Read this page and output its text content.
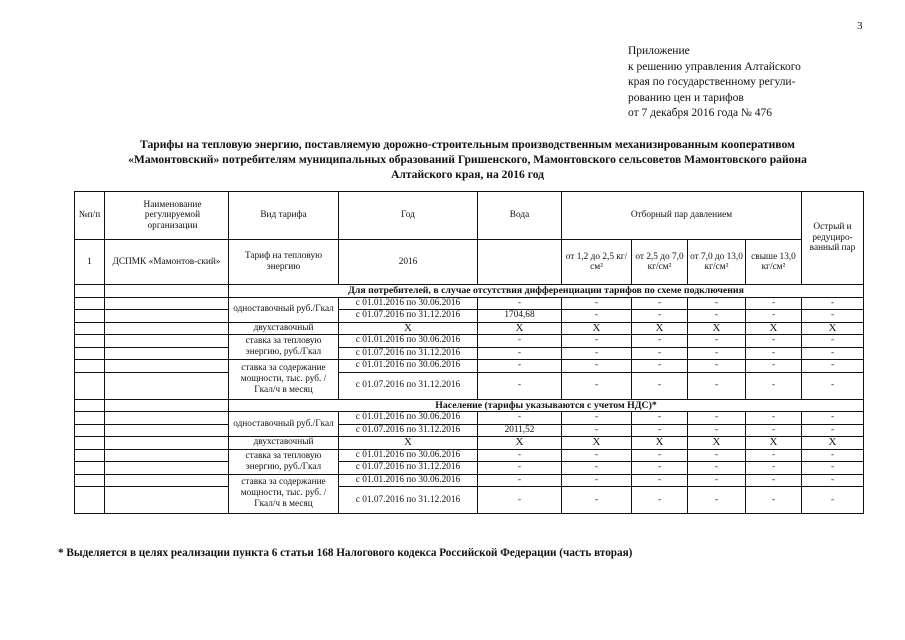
3
Приложение
к решению управления Алтайского
края по государственному регули-
рованию цен и тарифов
от 7 декабря 2016 года № 476
Тарифы на тепловую энергию, поставляемую дорожно-строительным производственным механизированным кооперативом
«Мамонтовский» потребителям муниципальных образований Гришенского, Мамонтовского сельсоветов Мамонтовского района
Алтайского края, на 2016 год
№п/п	Наименование регулируемой организации	Вид тарифа	Год	Вода	Отборный пар давлением				Острый и редуциро-ванный пар

1	ДСПМК «Мамонтов-ский»	Тариф на тепловую энергию	2016		от 1,2 до 2,5 кг/см²	от 2,5 до 7,0 кг/см²	от 7,0 до 13,0 кг/см²	свыше 13,0 кг/см²	
		Для потребителей, в случае отсутствия дифференциации тарифов по схеме подключения							
		одноставочный руб./Гкал	с 01.01.2016 по 30.06.2016	-	-	-	-	-	-
			с 01.07.2016 по 31.12.2016	1704,68	-	-	-	-	-
		двухставочный	X	X	X	X	X	X	X
		ставка за тепловую энергию, руб./Гкал	с 01.01.2016 по 30.06.2016	-	-	-	-	-	-
			с 01.07.2016 по 31.12.2016	-	-	-	-	-	-
		ставка за содержание мощности, тыс. руб. /Гкал/ч в месяц	с 01.01.2016 по 30.06.2016	-	-	-	-	-	-
			с 01.07.2016 по 31.12.2016	-	-	-	-	-	-
		Население (тарифы указываются с учетом НДС)*							
		одноставочный руб./Гкал	с 01.01.2016 по 30.06.2016	-	-	-	-	-	-
			с 01.07.2016 по 31.12.2016	2011,52	-	-	-	-	-
		двухставочный	X	X	X	X	X	X	X
		ставка за тепловую энергию, руб./Гкал	с 01.01.2016 по 30.06.2016	-	-	-	-	-	-
			с 01.07.2016 по 31.12.2016	-	-	-	-	-	-
		ставка за содержание мощности, тыс. руб. /Гкал/ч в месяц	с 01.01.2016 по 30.06.2016	-	-	-	-	-	-
			с 01.07.2016 по 31.12.2016	-	-	-	-	-	-
* Выделяется в целях реализации пункта 6 статьи 168 Налогового кодекса Российской Федерации (часть вторая)
